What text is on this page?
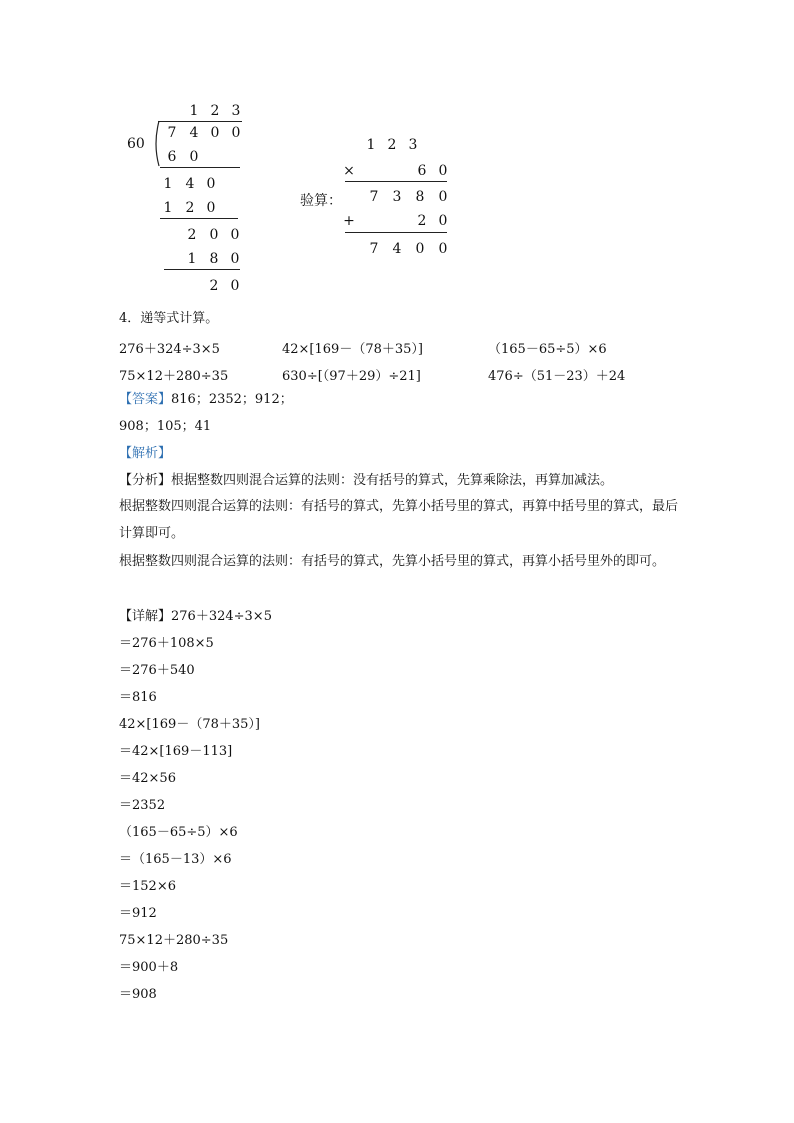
60
1 2 3
7 4 0 0
6 0
1 4 0
1 2 0
2 0 0
1 8 0
2 0
验算：
1 2 3
×	6 0
7 3 8 0
+	2 0
7 4 0 0
4．递等式计算。
276＋324÷3×5	42×[169－（78＋35）]	（165－65÷5）×6
75×12＋280÷35	630÷[（97＋29）÷21]	476÷（51－23）＋24
【答案】816；2352；912；
908；105；41
【解析】
【分析】根据整数四则混合运算的法则：没有括号的算式，先算乘除法，再算加减法。
根据整数四则混合运算的法则：有括号的算式，先算小括号里的算式，再算中括号里的算式，最后计算即可。
根据整数四则混合运算的法则：有括号的算式，先算小括号里的算式，再算小括号里外的即可。
【详解】276＋324÷3×5
＝276＋108×5
＝276＋540
＝816
42×[169－（78＋35）]
＝42×[169－113]
＝42×56
＝2352
（165－65÷5）×6
＝（165－13）×6
＝152×6
＝912
75×12＋280÷35
＝900＋8
＝908
